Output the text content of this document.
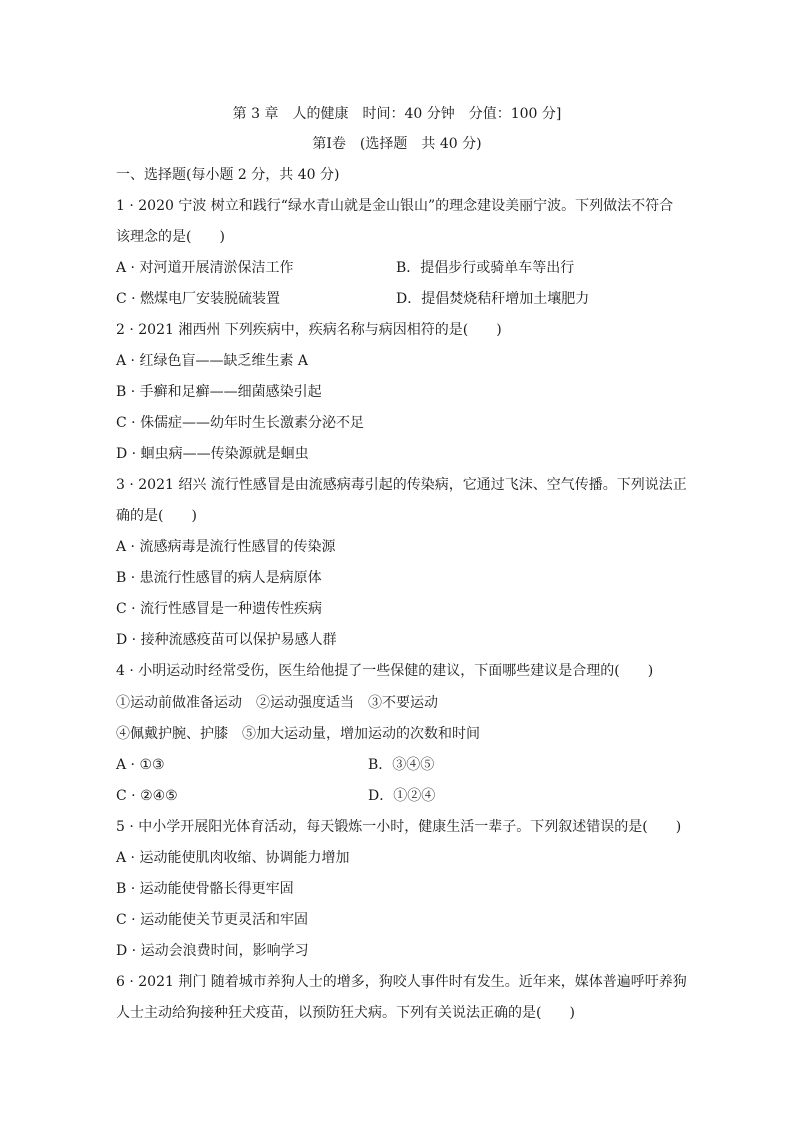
第 3 章　人的健康　时间：40 分钟　分值：100 分]
第Ⅰ卷　(选择题　共 40 分)
一、选择题(每小题 2 分，共 40 分)
1 · 2020 宁波 树立和践行“绿水青山就是金山银山”的理念建设美丽宁波。下列做法不符合
该理念的是(　　)
A · 对河道开展清淤保洁工作	B．提倡步行或骑单车等出行
C · 燃煤电厂安装脱硫装置	D．提倡焚烧秸秆增加土壤肥力
2 · 2021 湘西州 下列疾病中，疾病名称与病因相符的是(　　)
A · 红绿色盲——缺乏维生素 A
B · 手癣和足癣——细菌感染引起
C · 侏儒症——幼年时生长激素分泌不足
D · 蛔虫病——传染源就是蛔虫
3 · 2021 绍兴 流行性感冒是由流感病毒引起的传染病，它通过飞沫、空气传播。下列说法正
确的是(　　)
A · 流感病毒是流行性感冒的传染源
B · 患流行性感冒的病人是病原体
C · 流行性感冒是一种遗传性疾病
D · 接种流感疫苗可以保护易感人群
4 · 小明运动时经常受伤，医生给他提了一些保健的建议，下面哪些建议是合理的(　　)
①运动前做准备运动　②运动强度适当　③不要运动
④佩戴护腕、护膝　⑤加大运动量，增加运动的次数和时间
A · ①③	B．③④⑤
C · ②④⑤	D．①②④
5 · 中小学开展阳光体育活动，每天锻炼一小时，健康生活一辈子。下列叙述错误的是(　　)
A · 运动能使肌肉收缩、协调能力增加
B · 运动能使骨骼长得更牢固
C · 运动能使关节更灵活和牢固
D · 运动会浪费时间，影响学习
6 · 2021 荆门 随着城市养狗人士的增多，狗咬人事件时有发生。近年来，媒体普遍呼吁养狗
人士主动给狗接种狂犬疫苗，以预防狂犬病。下列有关说法正确的是(　　)
